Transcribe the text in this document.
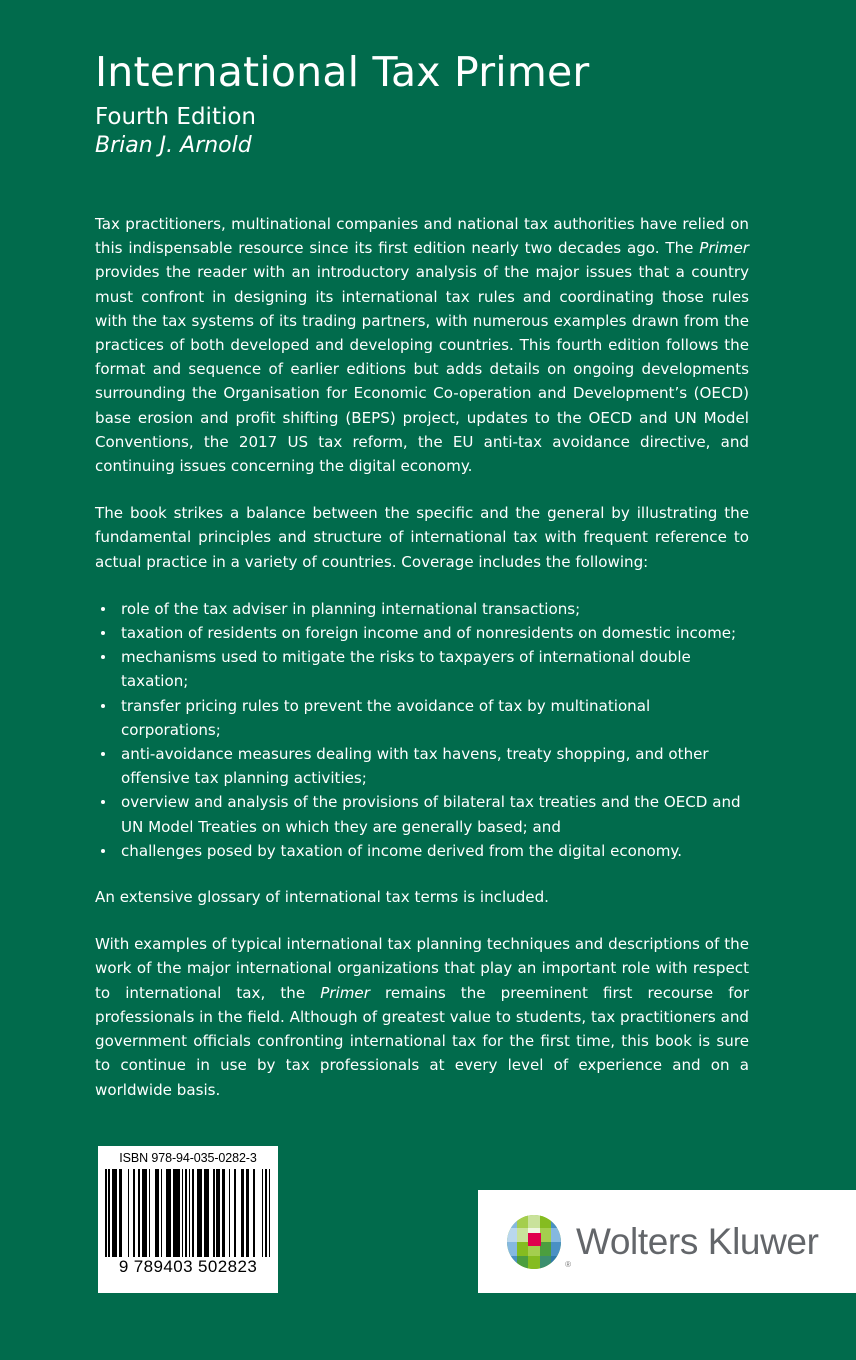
International Tax Primer
Fourth Edition
Brian J. Arnold

Tax practitioners, multinational companies and national tax authorities have relied on this indispensable resource since its first edition nearly two decades ago. The Primer provides the reader with an introductory analysis of the major issues that a country must confront in designing its international tax rules and coordinating those rules with the tax systems of its trading partners, with numerous examples drawn from the practices of both developed and developing countries. This fourth edition follows the format and sequence of earlier editions but adds details on ongoing developments surrounding the Organisation for Economic Co-operation and Development’s (OECD) base erosion and profit shifting (BEPS) project, updates to the OECD and UN Model Conventions, the 2017 US tax reform, the EU anti-tax avoidance directive, and continuing issues concerning the digital economy.

The book strikes a balance between the specific and the general by illustrating the fundamental principles and structure of international tax with frequent reference to actual practice in a variety of countries. Coverage includes the following:

role of the tax adviser in planning international transactions;
taxation of residents on foreign income and of nonresidents on domestic income;
mechanisms used to mitigate the risks to taxpayers of international double taxation;
transfer pricing rules to prevent the avoidance of tax by multinational corporations;
anti-avoidance measures dealing with tax havens, treaty shopping, and other offensive tax planning activities;
overview and analysis of the provisions of bilateral tax treaties and the OECD and UN Model Treaties on which they are generally based; and
challenges posed by taxation of income derived from the digital economy.

An extensive glossary of international tax terms is included.

With examples of typical international tax planning techniques and descriptions of the work of the major international organizations that play an important role with respect to international tax, the Primer remains the preeminent first recourse for professionals in the field. Although of greatest value to students, tax practitioners and government officials confronting international tax for the first time, this book is sure to continue in use by tax professionals at every level of experience and on a worldwide basis.

ISBN 978-94-035-0282-3
9 789403 502823	®
Wolters Kluwer
